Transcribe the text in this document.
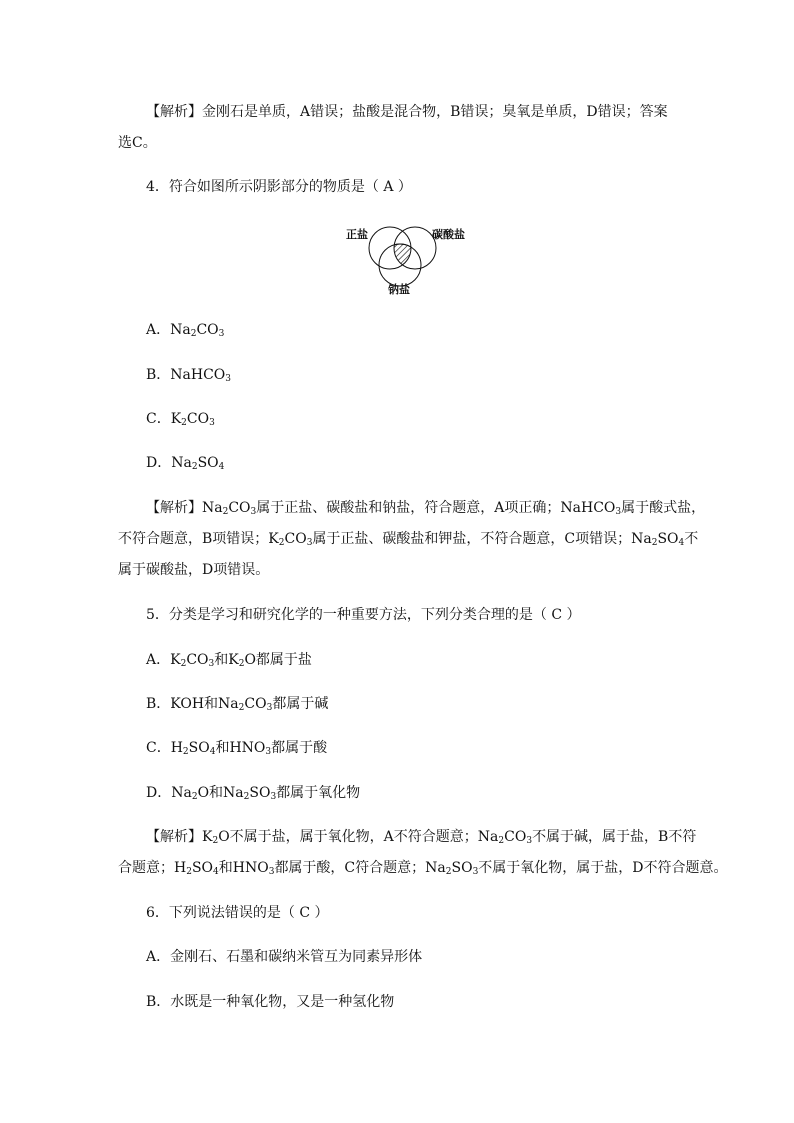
【解析】金刚石是单质，A错误；盐酸是混合物，B错误；臭氧是单质，D错误；答案
选C。
4．符合如图所示阴影部分的物质是（ A ）
正盐	碳酸盐
钠盐
A．$Na_2CO_3$
B．NaHCO$_3$
C．$K_2CO_3$
D．$Na_2SO_4$
【解析】$Na_2CO_3$属于正盐、碳酸盐和钠盐，符合题意，A项正确；NaHCO$_3$属于酸式盐，
不符合题意，B项错误；$K_2CO_3$属于正盐、碳酸盐和钾盐，不符合题意，C项错误；$Na_2SO_4$不
属于碳酸盐，D项错误。
5．分类是学习和研究化学的一种重要方法，下列分类合理的是（ C ）
A．$K_2CO_3$和$K_2O$都属于盐
B．KOH和$Na_2CO_3$都属于碱
C．$H_2SO_4$和$HNO_3$都属于酸
D．$Na_2O$和$Na_2SO_3$都属于氧化物
【解析】$K_2O$不属于盐，属于氧化物，A不符合题意；$Na_2CO_3$不属于碱，属于盐，B不符
合题意；$H_2SO_4$和$HNO_3$都属于酸，C符合题意；$Na_2SO_3$不属于氧化物，属于盐，D不符合题意。
6．下列说法错误的是（ C ）
A．金刚石、石墨和碳纳米管互为同素异形体
B．水既是一种氧化物，又是一种氢化物
